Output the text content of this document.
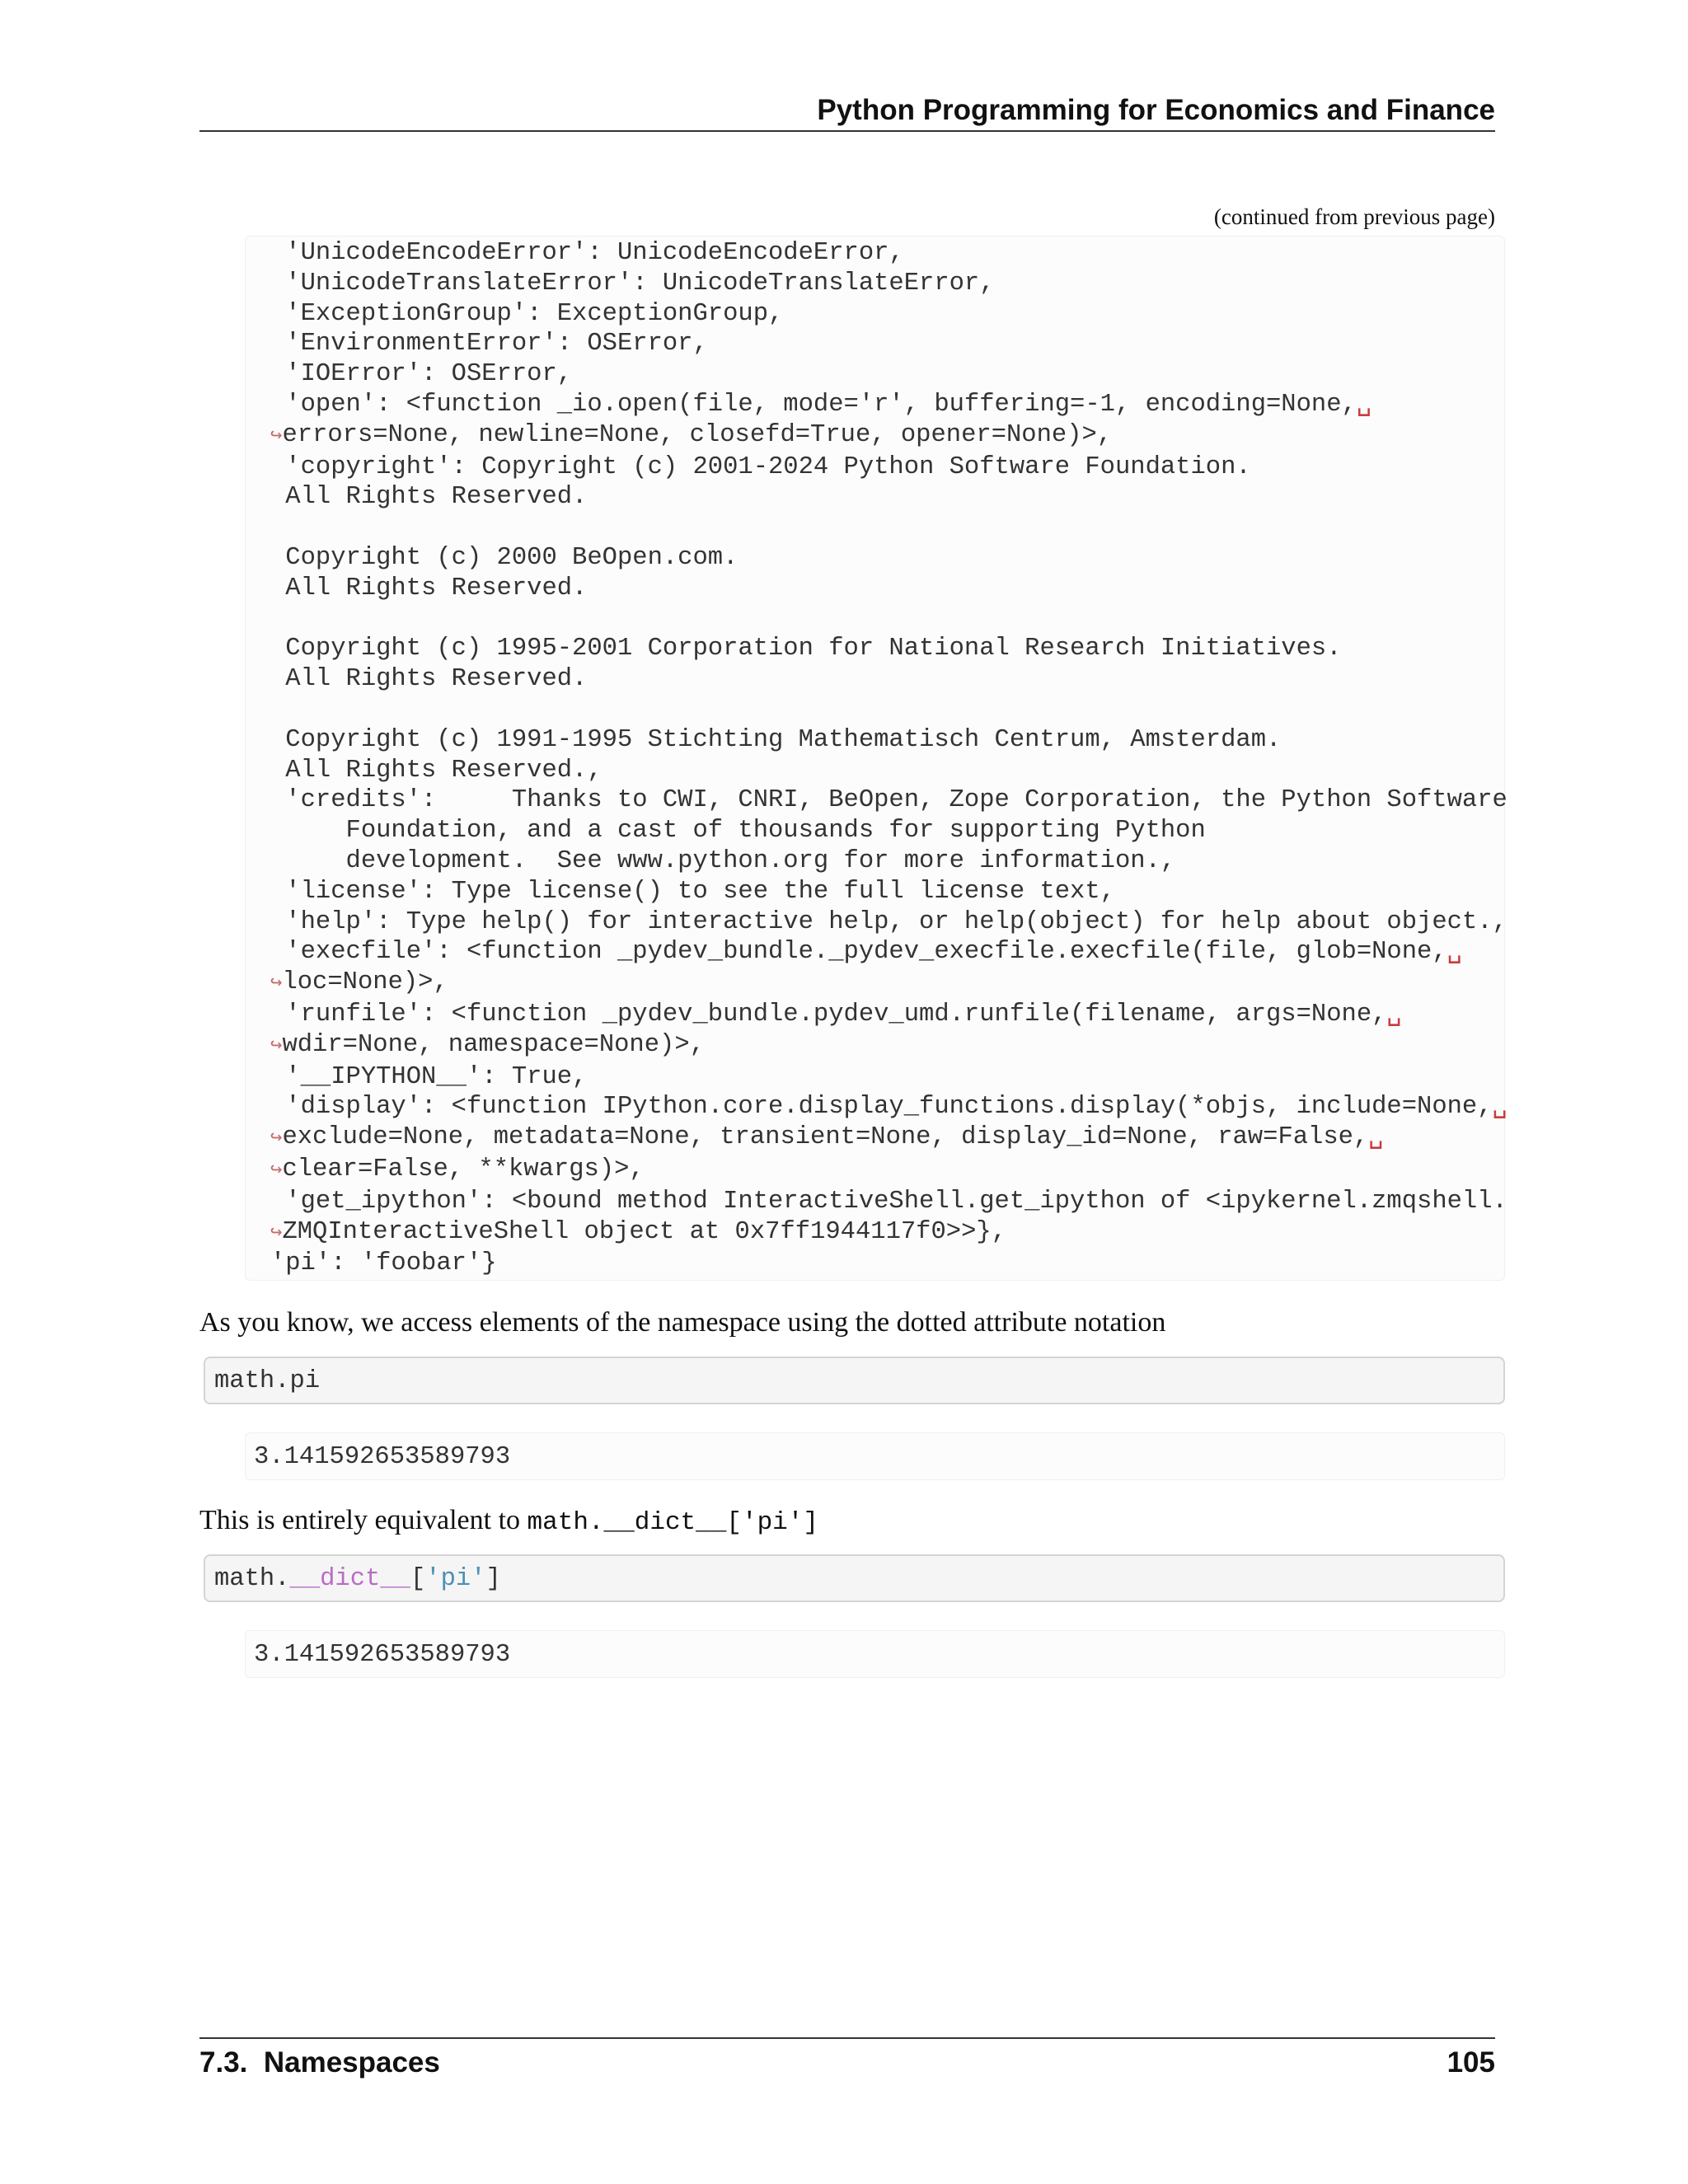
Python Programming for Economics and Finance
(continued from previous page)
'UnicodeEncodeError': UnicodeEncodeError,
'UnicodeTranslateError': UnicodeTranslateError,
'ExceptionGroup': ExceptionGroup,
'EnvironmentError': OSError,
'IOError': OSError,
'open': <function _io.open(file, mode='r', buffering=-1, encoding=None,␣
↪errors=None, newline=None, closefd=True, opener=None)>,
'copyright': Copyright (c) 2001-2024 Python Software Foundation.
All Rights Reserved.

Copyright (c) 2000 BeOpen.com.
All Rights Reserved.

Copyright (c) 1995-2001 Corporation for National Research Initiatives.
All Rights Reserved.

Copyright (c) 1991-1995 Stichting Mathematisch Centrum, Amsterdam.
All Rights Reserved.,
'credits':     Thanks to CWI, CNRI, BeOpen, Zope Corporation, the Python Software
Foundation, and a cast of thousands for supporting Python
development.  See www.python.org for more information.,
'license': Type license() to see the full license text,
'help': Type help() for interactive help, or help(object) for help about object.,
'execfile': <function _pydev_bundle._pydev_execfile.execfile(file, glob=None,␣
↪loc=None)>,
'runfile': <function _pydev_bundle.pydev_umd.runfile(filename, args=None,␣
↪wdir=None, namespace=None)>,
'__IPYTHON__': True,
'display': <function IPython.core.display_functions.display(*objs, include=None,␣
↪exclude=None, metadata=None, transient=None, display_id=None, raw=False,␣
↪clear=False, **kwargs)>,
'get_ipython': <bound method InteractiveShell.get_ipython of <ipykernel.zmqshell.
↪ZMQInteractiveShell object at 0x7ff1944117f0>>},
'pi': 'foobar'}

As you know, we access elements of the namespace using the dotted attribute notation

math.pi
3.141592653589793

This is entirely equivalent to math.__dict__['pi']

math.__dict__['pi']
3.141592653589793
7.3.  Namespaces	105
